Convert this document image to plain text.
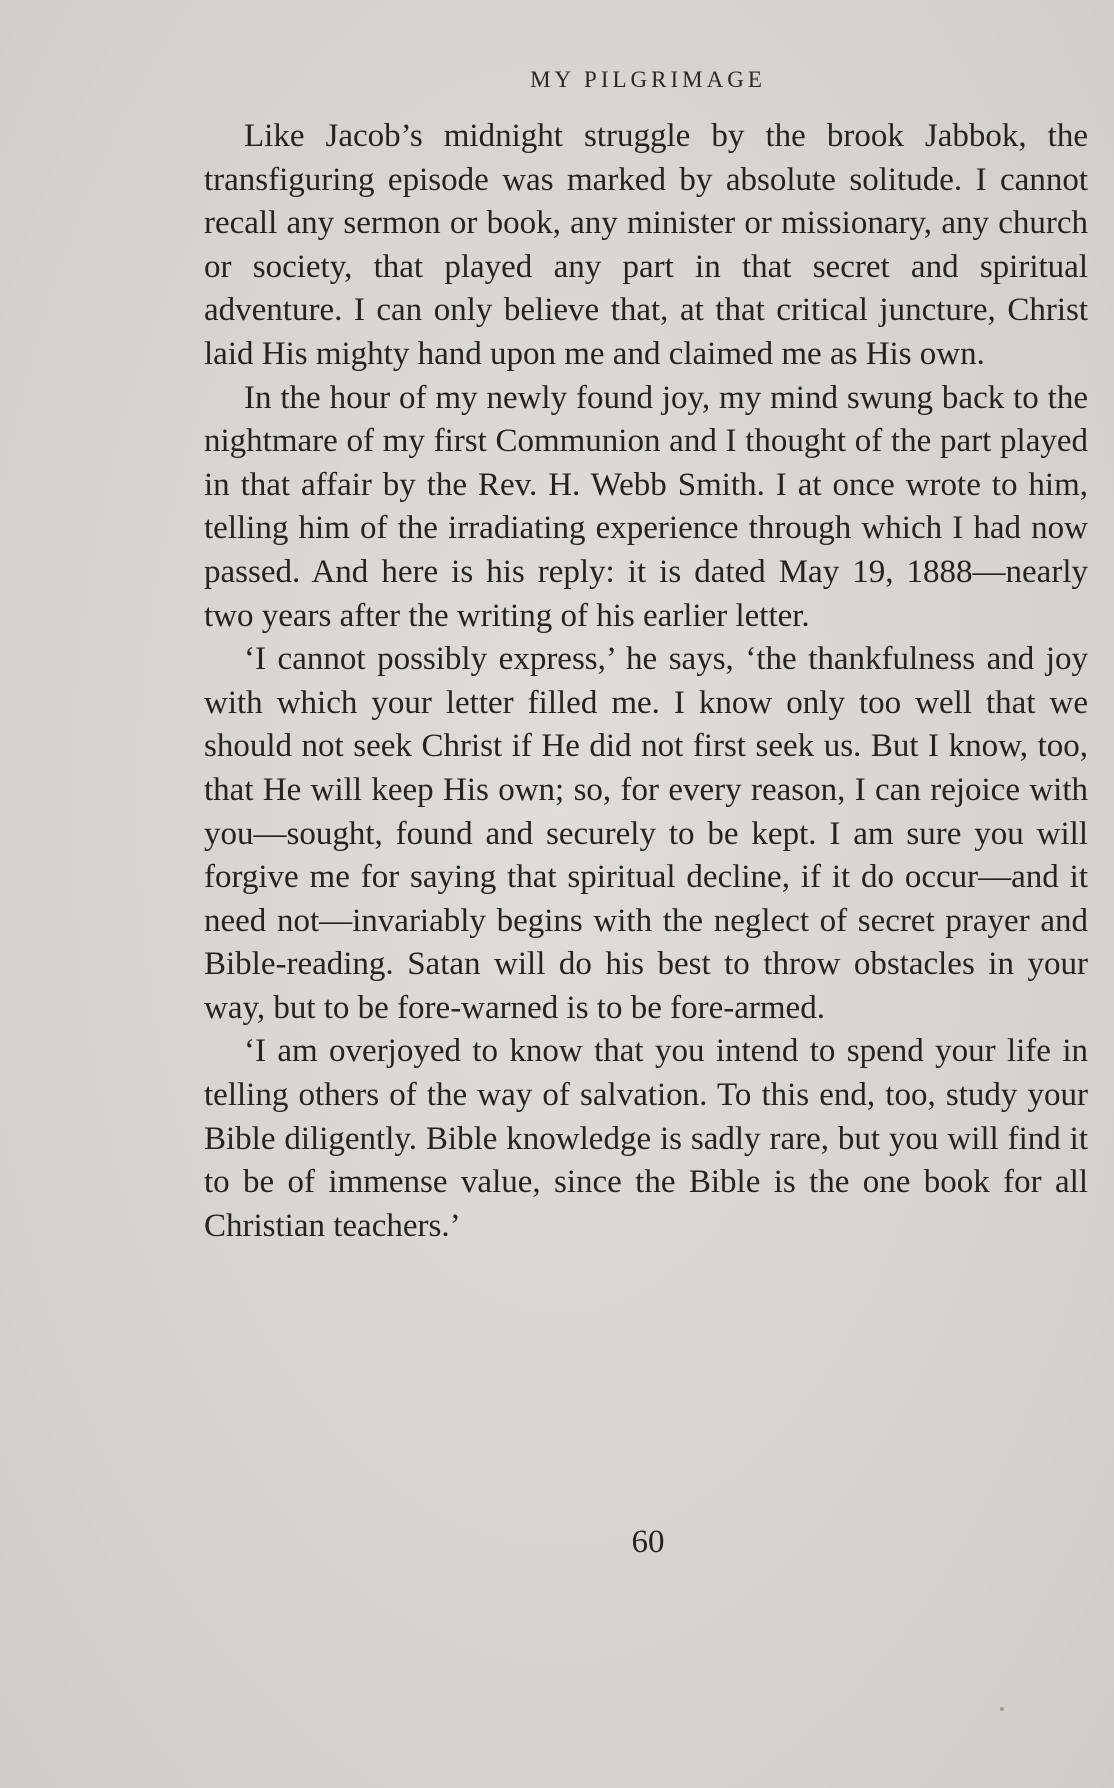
MY PILGRIMAGE

Like Jacob’s midnight struggle by the brook Jabbok, the transfiguring episode was marked by absolute solitude. I cannot recall any sermon or book, any minister or missionary, any church or society, that played any part in that secret and spiritual adventure. I can only believe that, at that critical juncture, Christ laid His mighty hand upon me and claimed me as His own.

In the hour of my newly found joy, my mind swung back to the nightmare of my first Communion and I thought of the part played in that affair by the Rev. H. Webb Smith. I at once wrote to him, telling him of the irradiating experience through which I had now passed. And here is his reply: it is dated May 19, 1888—nearly two years after the writing of his earlier letter.

‘I cannot possibly express,’ he says, ‘the thankfulness and joy with which your letter filled me. I know only too well that we should not seek Christ if He did not first seek us. But I know, too, that He will keep His own; so, for every reason, I can rejoice with you—sought, found and securely to be kept. I am sure you will forgive me for saying that spiritual decline, if it do occur—and it need not—invariably begins with the neglect of secret prayer and Bible-reading. Satan will do his best to throw obstacles in your way, but to be fore-warned is to be fore-armed.

‘I am overjoyed to know that you intend to spend your life in telling others of the way of salvation. To this end, too, study your Bible diligently. Bible knowledge is sadly rare, but you will find it to be of immense value, since the Bible is the one book for all Christian teachers.’

60
